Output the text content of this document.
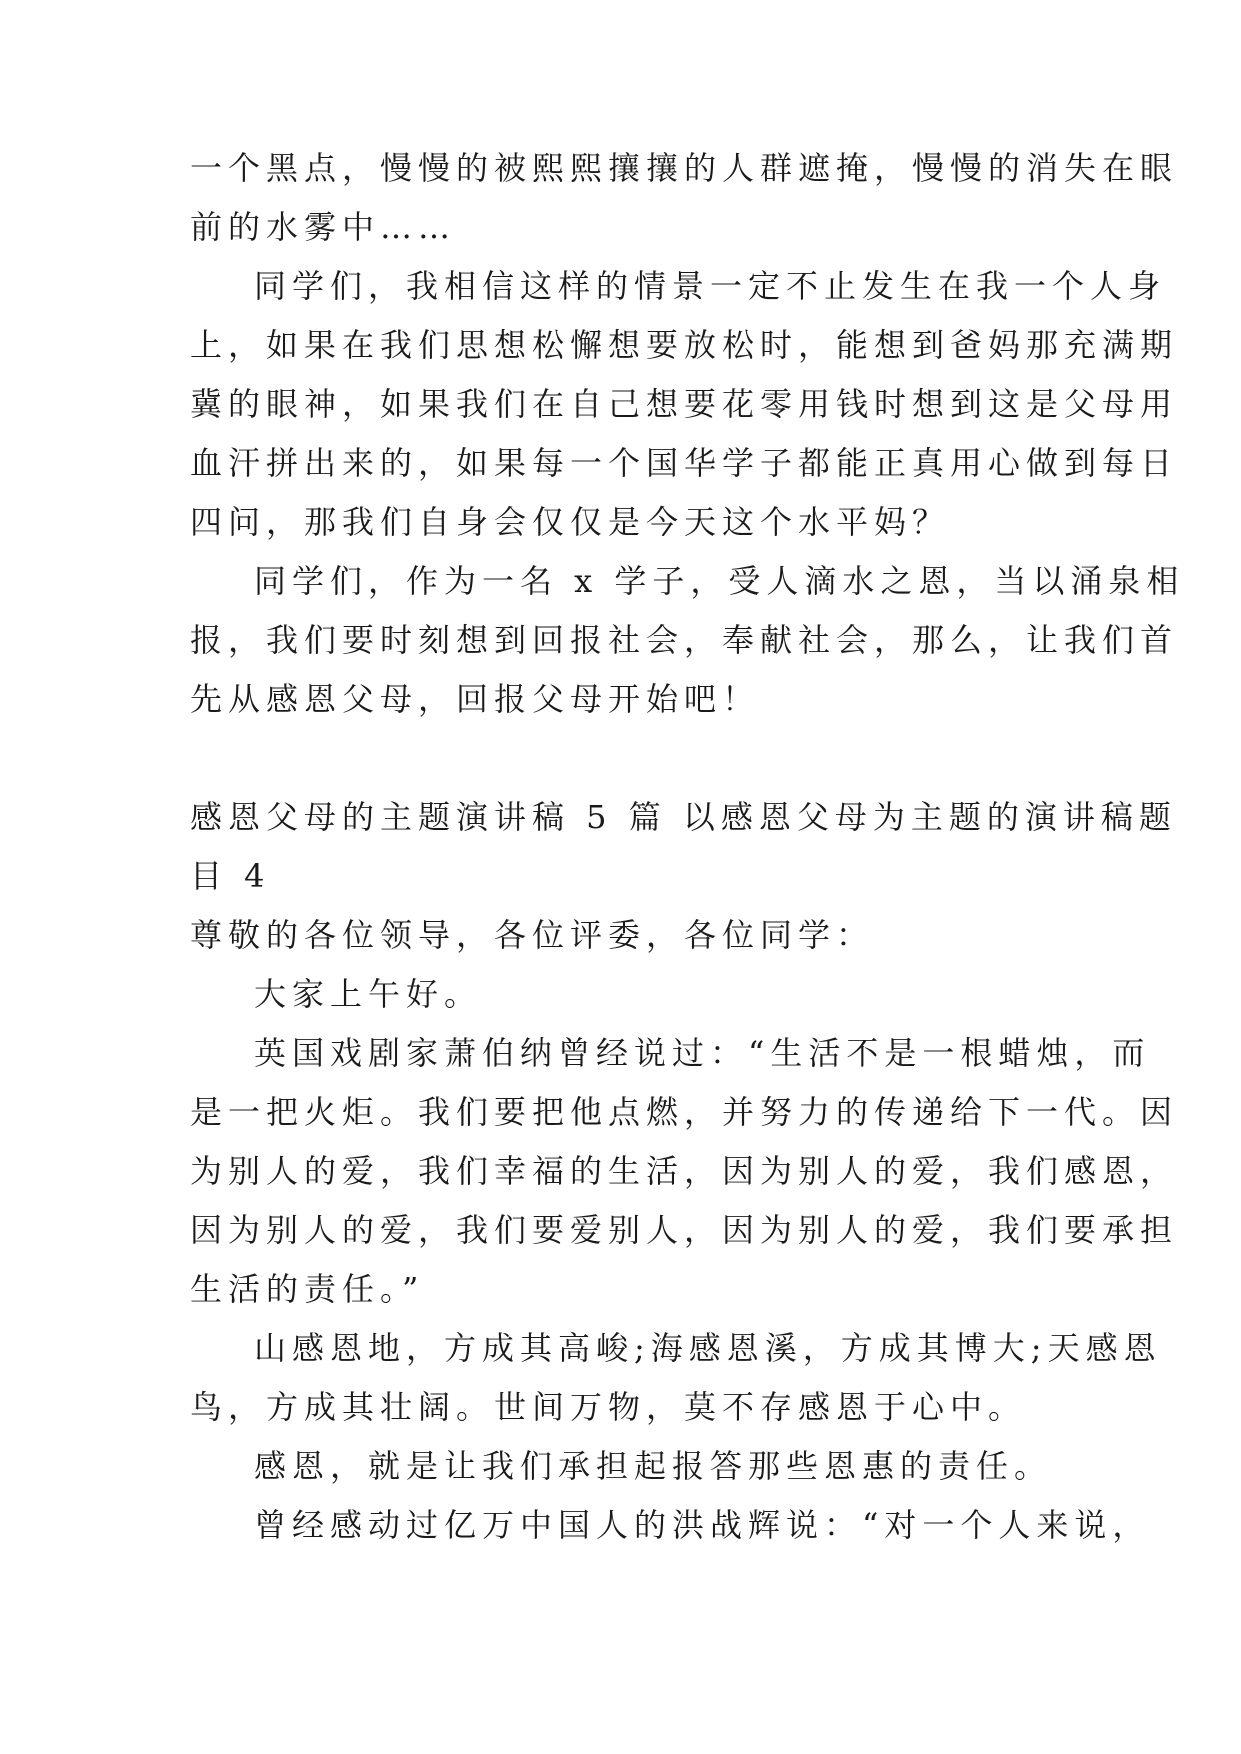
一个黑点，慢慢的被熙熙攘攘的人群遮掩，慢慢的消失在眼
前的水雾中……
同学们，我相信这样的情景一定不止发生在我一个人身
上，如果在我们思想松懈想要放松时，能想到爸妈那充满期
冀的眼神，如果我们在自己想要花零用钱时想到这是父母用
血汗拼出来的，如果每一个国华学子都能正真用心做到每日
四问，那我们自身会仅仅是今天这个水平妈？
同学们，作为一名 x 学子，受人滴水之恩，当以涌泉相
报，我们要时刻想到回报社会，奉献社会，那么，让我们首
先从感恩父母，回报父母开始吧！
感恩父母的主题演讲稿 5 篇 以感恩父母为主题的演讲稿题
目 4
尊敬的各位领导，各位评委，各位同学：
大家上午好。
英国戏剧家萧伯纳曾经说过：“生活不是一根蜡烛，而
是一把火炬。我们要把他点燃，并努力的传递给下一代。因
为别人的爱，我们幸福的生活，因为别人的爱，我们感恩，
因为别人的爱，我们要爱别人，因为别人的爱，我们要承担
生活的责任。”
山感恩地，方成其高峻;海感恩溪，方成其博大;天感恩
鸟，方成其壮阔。世间万物，莫不存感恩于心中。
感恩，就是让我们承担起报答那些恩惠的责任。
曾经感动过亿万中国人的洪战辉说：“对一个人来说，
